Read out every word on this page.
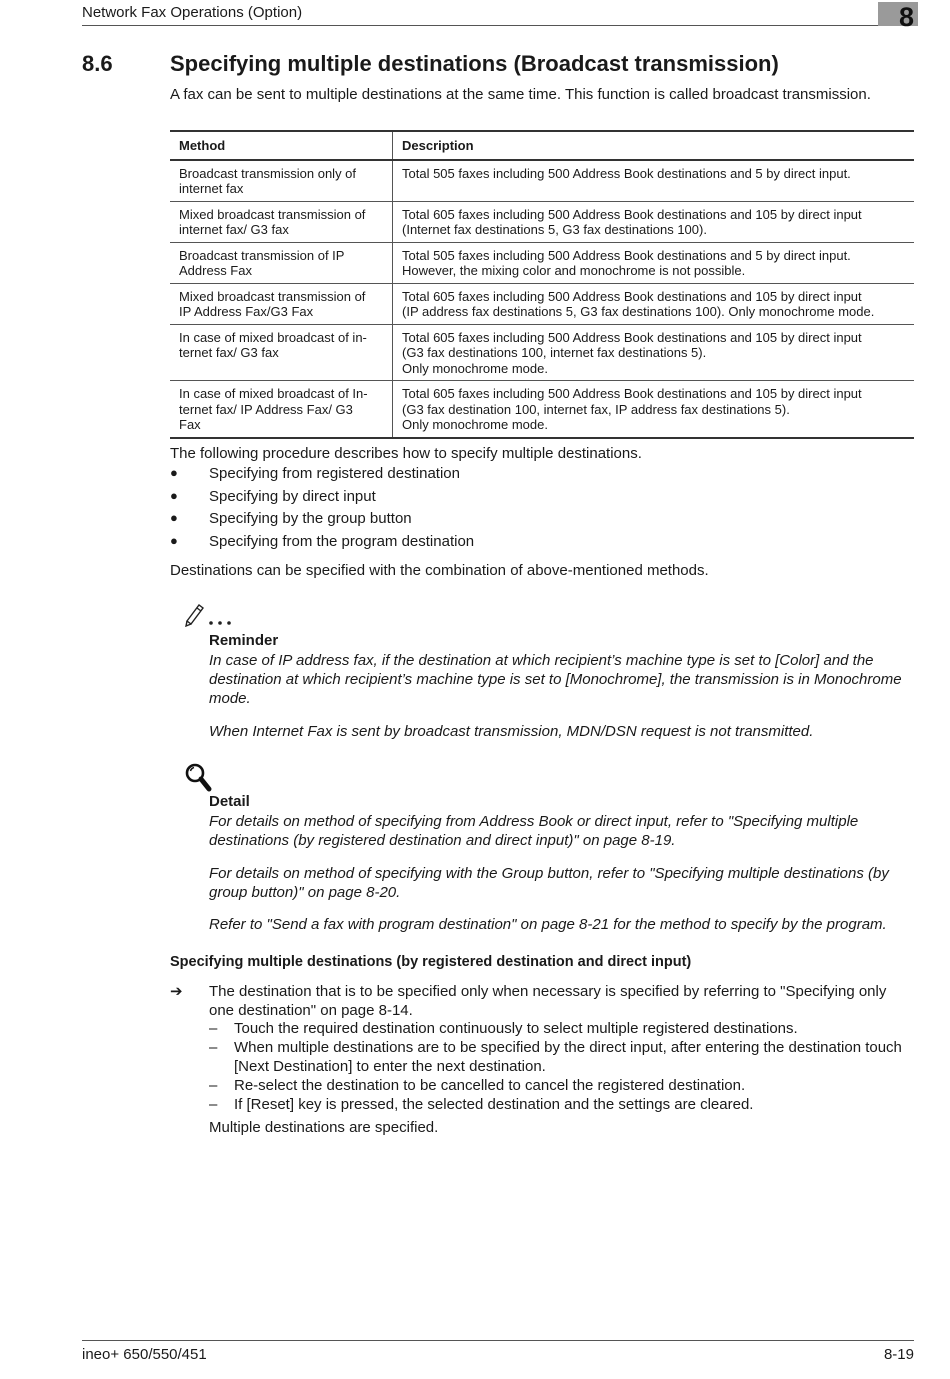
Network Fax Operations (Option)	8
8.6	Specifying multiple destinations (Broadcast transmission)
A fax can be sent to multiple destinations at the same time. This function is called broadcast transmission.
Method	Description

Broadcast transmission only of
internet fax	Total 505 faxes including 500 Address Book destinations and 5 by direct input.

Mixed broadcast transmission of
internet fax/ G3 fax	Total 605 faxes including 500 Address Book destinations and 105 by direct input
(Internet fax destinations 5, G3 fax destinations 100).

Broadcast transmission of IP
Address Fax	Total 505 faxes including 500 Address Book destinations and 5 by direct input.
However, the mixing color and monochrome is not possible.

Mixed broadcast transmission of
IP Address Fax/G3 Fax	Total 605 faxes including 500 Address Book destinations and 105 by direct input
(IP address fax destinations 5, G3 fax destinations 100). Only monochrome mode.

In case of mixed broadcast of in-
ternet fax/ G3 fax	Total 605 faxes including 500 Address Book destinations and 105 by direct input
(G3 fax destinations 100, internet fax destinations 5).
Only monochrome mode.

In case of mixed broadcast of In-
ternet fax/ IP Address Fax/ G3
Fax	Total 605 faxes including 500 Address Book destinations and 105 by direct input
(G3 fax destination 100, internet fax, IP address fax destinations 5).
Only monochrome mode.
The following procedure describes how to specify multiple destinations.
● Specifying from registered destination
● Specifying by direct input
● Specifying by the group button
● Specifying from the program destination
Destinations can be specified with the combination of above-mentioned methods.
Reminder
In case of IP address fax, if the destination at which recipient’s machine type is set to [Color] and the destination at which recipient’s machine type is set to [Monochrome], the transmission is in Monochrome mode.
When Internet Fax is sent by broadcast transmission, MDN/DSN request is not transmitted.
Detail
For details on method of specifying from Address Book or direct input, refer to "Specifying multiple destinations (by registered destination and direct input)" on page 8-19.
For details on method of specifying with the Group button, refer to "Specifying multiple destinations (by group button)" on page 8-20.
Refer to "Send a fax with program destination" on page 8-21 for the method to specify by the program.
Specifying multiple destinations (by registered destination and direct input)
➔ The destination that is to be specified only when necessary is specified by referring to "Specifying only one destination" on page 8-14.
–	Touch the required destination continuously to select multiple registered destinations.
–	When multiple destinations are to be specified by the direct input, after entering the destination touch [Next Destination] to enter the next destination.
–	Re-select the destination to be cancelled to cancel the registered destination.
–	If [Reset] key is pressed, the selected destination and the settings are cleared.
Multiple destinations are specified.
ineo+ 650/550/451	8-19
